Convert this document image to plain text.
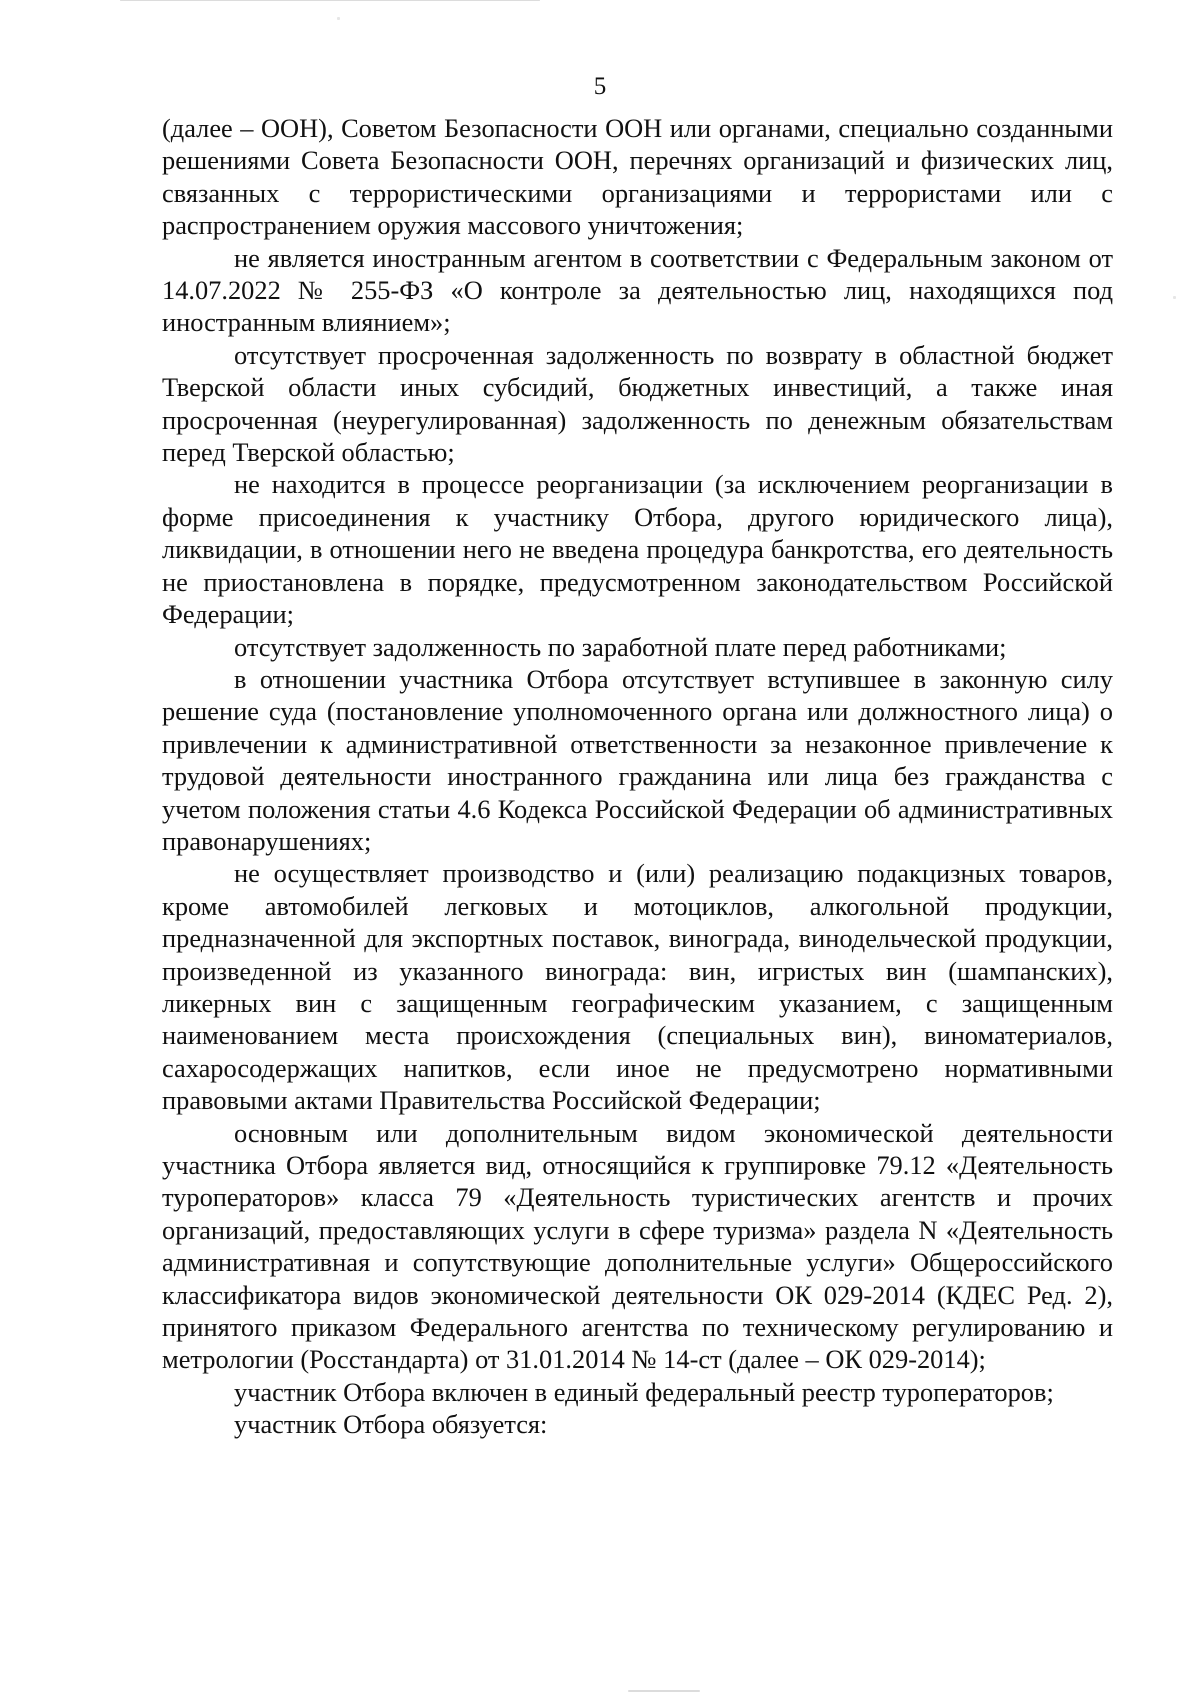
5

(далее – ООН), Советом Безопасности ООН или органами, специально созданными решениями Совета Безопасности ООН, перечнях организаций и физических лиц, связанных с террористическими организациями и террористами или с распространением оружия массового уничтожения;

не является иностранным агентом в соответствии с Федеральным законом от 14.07.2022 № 255-ФЗ «О контроле за деятельностью лиц, находящихся под иностранным влиянием»;

отсутствует просроченная задолженность по возврату в областной бюджет Тверской области иных субсидий, бюджетных инвестиций, а также иная просроченная (неурегулированная) задолженность по денежным обязательствам перед Тверской областью;

не находится в процессе реорганизации (за исключением реорганизации в форме присоединения к участнику Отбора, другого юридического лица), ликвидации, в отношении него не введена процедура банкротства, его деятельность не приостановлена в порядке, предусмотренном законодательством Российской Федерации;

отсутствует задолженность по заработной плате перед работниками;

в отношении участника Отбора отсутствует вступившее в законную силу решение суда (постановление уполномоченного органа или должностного лица) о привлечении к административной ответственности за незаконное привлечение к трудовой деятельности иностранного гражданина или лица без гражданства с учетом положения статьи 4.6 Кодекса Российской Федерации об административных правонарушениях;

не осуществляет производство и (или) реализацию подакцизных товаров, кроме автомобилей легковых и мотоциклов, алкогольной продукции, предназначенной для экспортных поставок, винограда, винодельческой продукции, произведенной из указанного винограда: вин, игристых вин (шампанских), ликерных вин с защищенным географическим указанием, с защищенным наименованием места происхождения (специальных вин), виноматериалов, сахаросодержащих напитков, если иное не предусмотрено нормативными правовыми актами Правительства Российской Федерации;

основным или дополнительным видом экономической деятельности участника Отбора является вид, относящийся к группировке 79.12 «Деятельность туроператоров» класса 79 «Деятельность туристических агентств и прочих организаций, предоставляющих услуги в сфере туризма» раздела N «Деятельность административная и сопутствующие дополнительные услуги» Общероссийского классификатора видов экономической деятельности ОК 029-2014 (КДЕС Ред. 2), принятого приказом Федерального агентства по техническому регулированию и метрологии (Росстандарта) от 31.01.2014 № 14-ст (далее – ОК 029-2014);

участник Отбора включен в единый федеральный реестр туроператоров;

участник Отбора обязуется:
